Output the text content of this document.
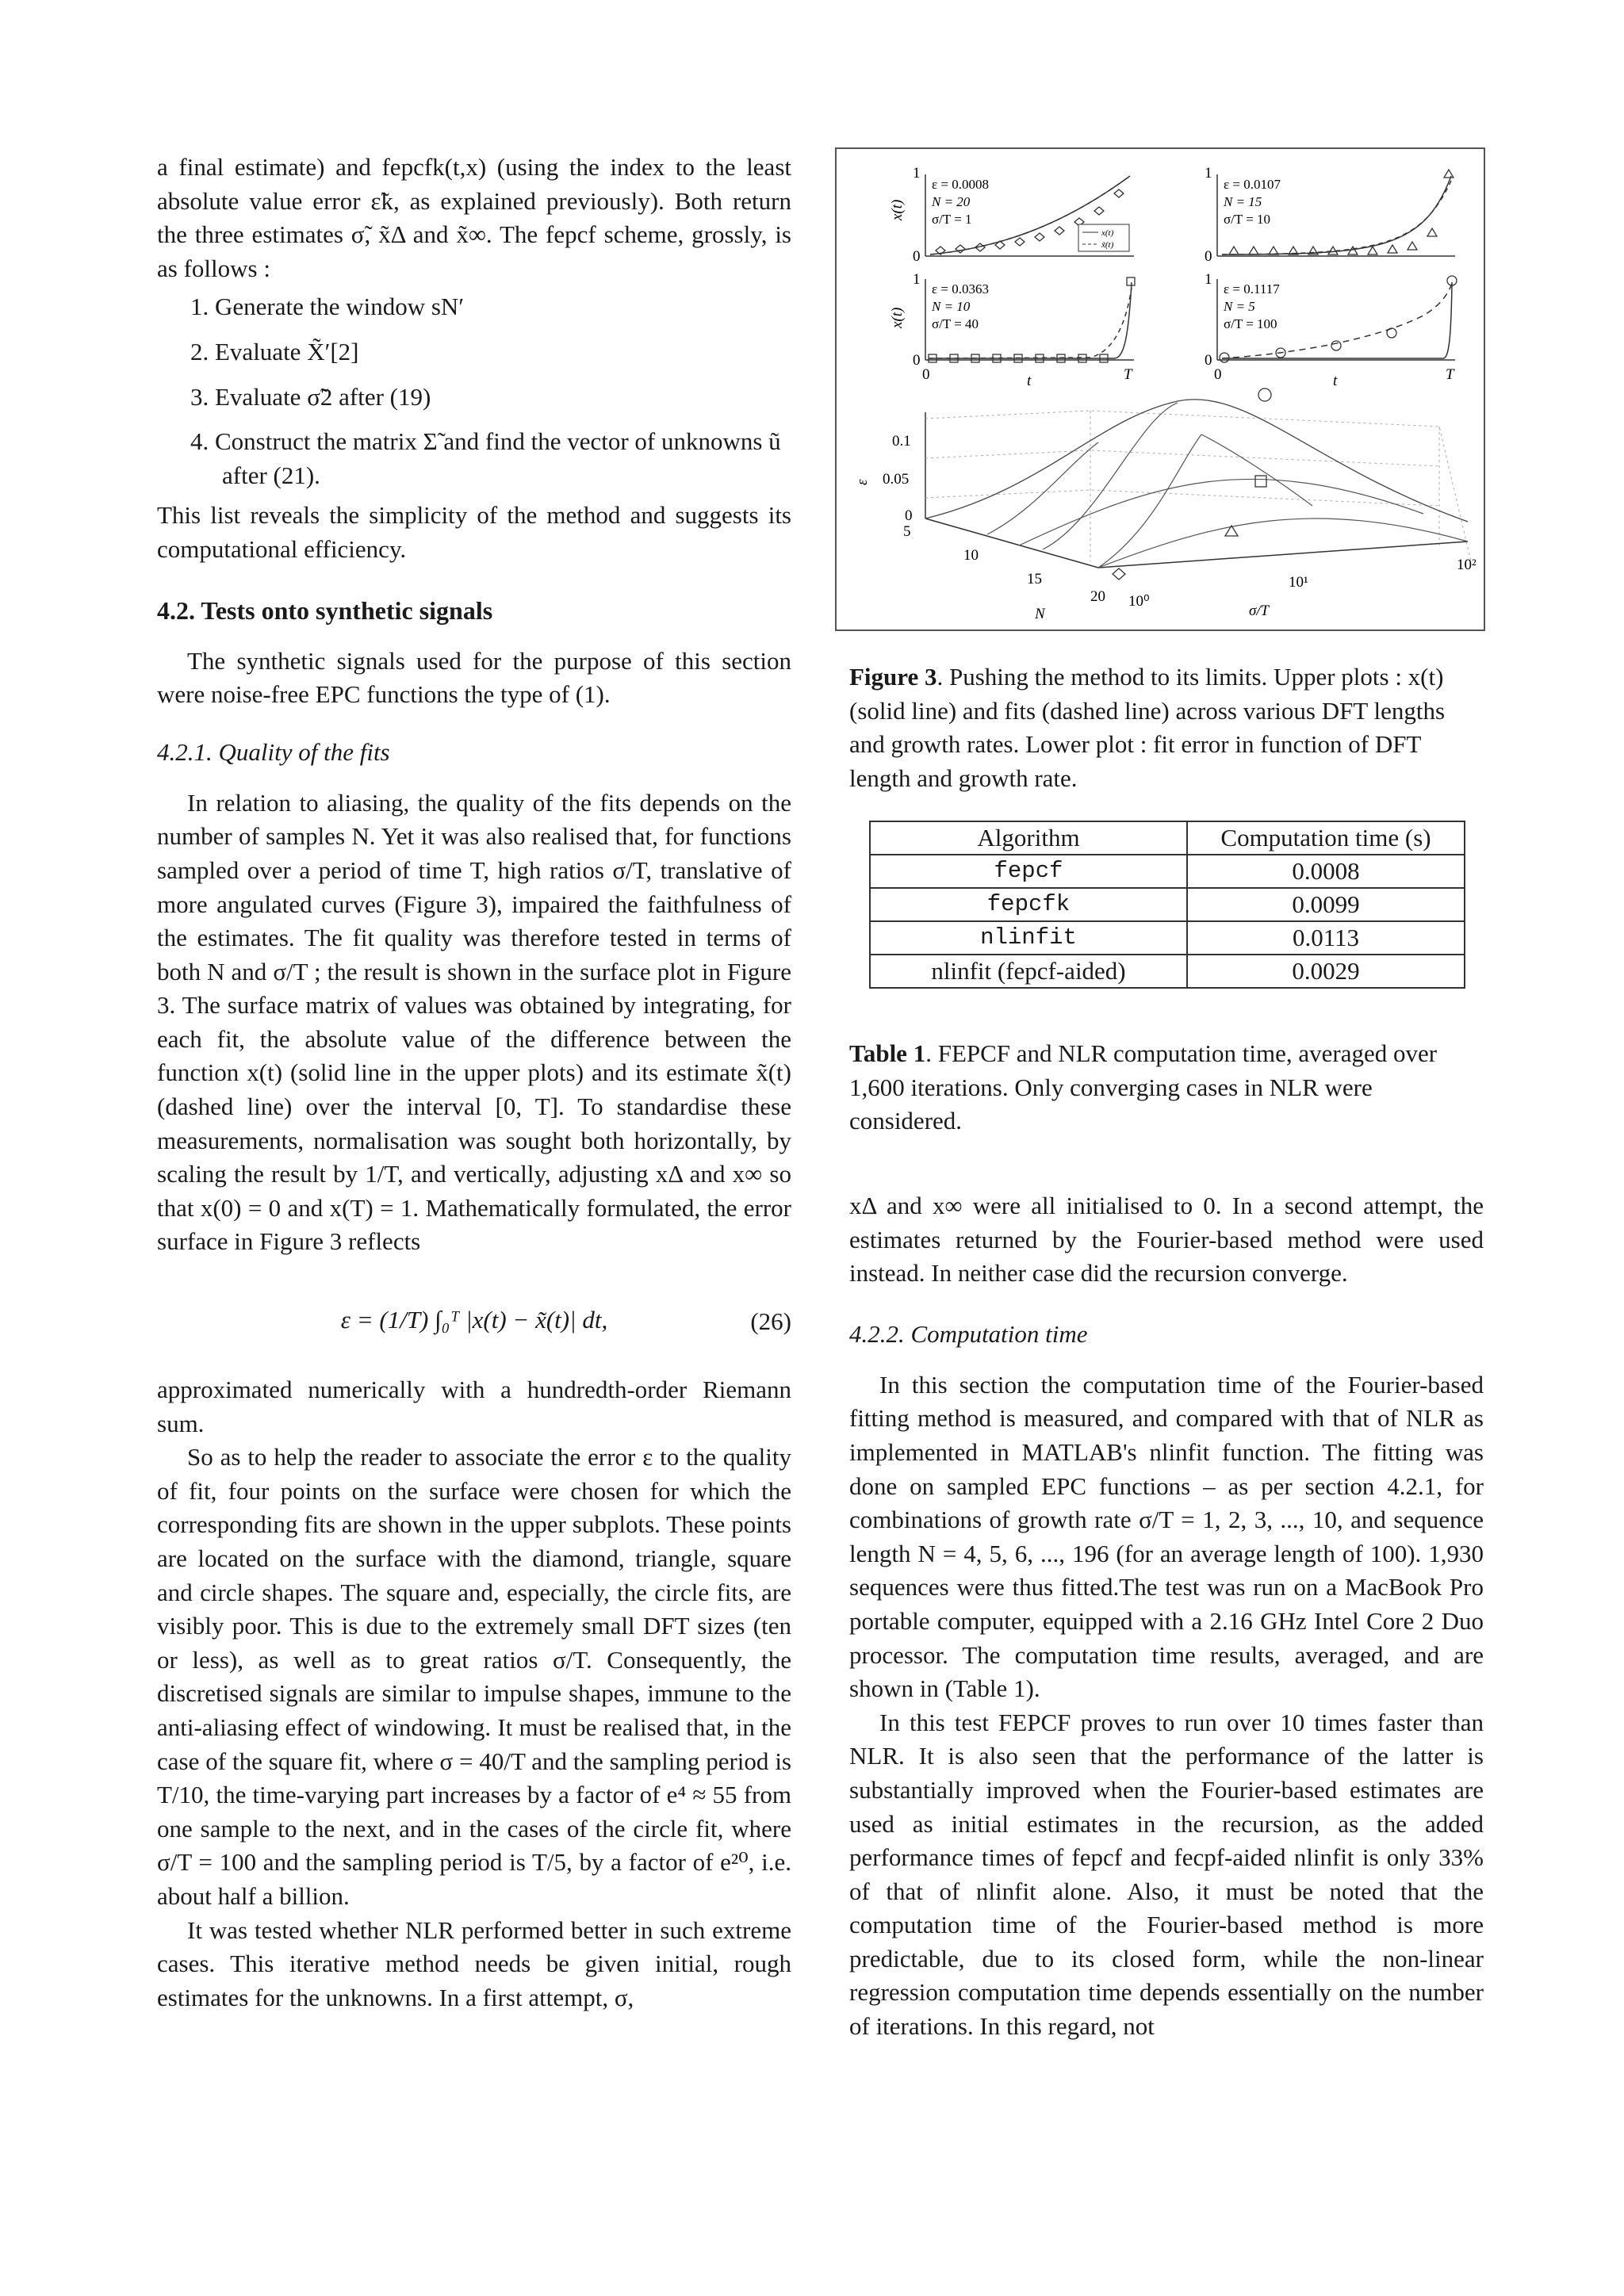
a final estimate) and fepcfk(t,x) (using the index to the least absolute value error ε̃k, as explained previously). Both return the three estimates σ̃, x̃Δ and x̃∞. The fepcf scheme, grossly, is as follows :

1. Generate the window sN′
2. Evaluate X̃′[2]
3. Evaluate σ̃2 after (19)
4. Construct the matrix Σ̃ and find the vector of unknowns ũ after (21).

This list reveals the simplicity of the method and suggests its computational efficiency.

4.2. Tests onto synthetic signals

The synthetic signals used for the purpose of this section were noise-free EPC functions the type of (1).

4.2.1. Quality of the fits

In relation to aliasing, the quality of the fits depends on the number of samples N. Yet it was also realised that, for functions sampled over a period of time T, high ratios σ/T, translative of more angulated curves (Figure 3), impaired the faithfulness of the estimates. The fit quality was therefore tested in terms of both N and σ/T ; the result is shown in the surface plot in Figure 3. The surface matrix of values was obtained by integrating, for each fit, the absolute value of the difference between the function x(t) (solid line in the upper plots) and its estimate x̃(t) (dashed line) over the interval [0, T]. To standardise these measurements, normalisation was sought both horizontally, by scaling the result by 1/T, and vertically, adjusting xΔ and x∞ so that x(0) = 0 and x(T) = 1. Mathematically formulated, the error surface in Figure 3 reflects

ε = (1/T) ∫₀ᵀ |x(t) − x̃(t)| dt,	(26)

approximated numerically with a hundredth-order Riemann sum.

So as to help the reader to associate the error ε to the quality of fit, four points on the surface were chosen for which the corresponding fits are shown in the upper subplots. These points are located on the surface with the diamond, triangle, square and circle shapes. The square and, especially, the circle fits, are visibly poor. This is due to the extremely small DFT sizes (ten or less), as well as to great ratios σ/T. Consequently, the discretised signals are similar to impulse shapes, immune to the anti-aliasing effect of windowing. It must be realised that, in the case of the square fit, where σ = 40/T and the sampling period is T/10, the time-varying part increases by a factor of e⁴ ≈ 55 from one sample to the next, and in the cases of the circle fit, where σ/T = 100 and the sampling period is T/5, by a factor of e²⁰, i.e. about half a billion.

It was tested whether NLR performed better in such extreme cases. This iterative method needs be given initial, rough estimates for the unknowns. In a first attempt, σ,

1
0
x(t)
ε = 0.0008
N = 20
σ/T = 1
x(t)
x̃(t)
1
0
ε = 0.0107
N = 15
σ/T = 10
1
0
x(t)
0	t	T
ε = 0.0363
N = 10
σ/T = 40
1
0
0	t	T
ε = 0.1117
N = 5
σ/T = 100
0.1
0.05
0
ε
5
10
15
20
N
10⁰
10¹
10²
σ/T
Figure 3. Pushing the method to its limits. Upper plots : x(t) (solid line) and fits (dashed line) across various DFT lengths and growth rates. Lower plot : fit error in function of DFT length and growth rate.
Algorithm	Computation time (s)
fepcf	0.0008
fepcfk	0.0099
nlinfit	0.0113
nlinfit (fepcf-aided)	0.0029
Table 1. FEPCF and NLR computation time, averaged over 1,600 iterations. Only converging cases in NLR were considered.

xΔ and x∞ were all initialised to 0. In a second attempt, the estimates returned by the Fourier-based method were used instead. In neither case did the recursion converge.

4.2.2. Computation time

In this section the computation time of the Fourier-based fitting method is measured, and compared with that of NLR as implemented in MATLAB's nlinfit function. The fitting was done on sampled EPC functions – as per section 4.2.1, for combinations of growth rate σ/T = 1, 2, 3, ..., 10, and sequence length N = 4, 5, 6, ..., 196 (for an average length of 100). 1,930 sequences were thus fitted.The test was run on a MacBook Pro portable computer, equipped with a 2.16 GHz Intel Core 2 Duo processor. The computation time results, averaged, and are shown in (Table 1).

In this test FEPCF proves to run over 10 times faster than NLR. It is also seen that the performance of the latter is substantially improved when the Fourier-based estimates are used as initial estimates in the recursion, as the added performance times of fepcf and fecpf-aided nlinfit is only 33% of that of nlinfit alone. Also, it must be noted that the computation time of the Fourier-based method is more predictable, due to its closed form, while the non-linear regression computation time depends essentially on the number of iterations. In this regard, not
